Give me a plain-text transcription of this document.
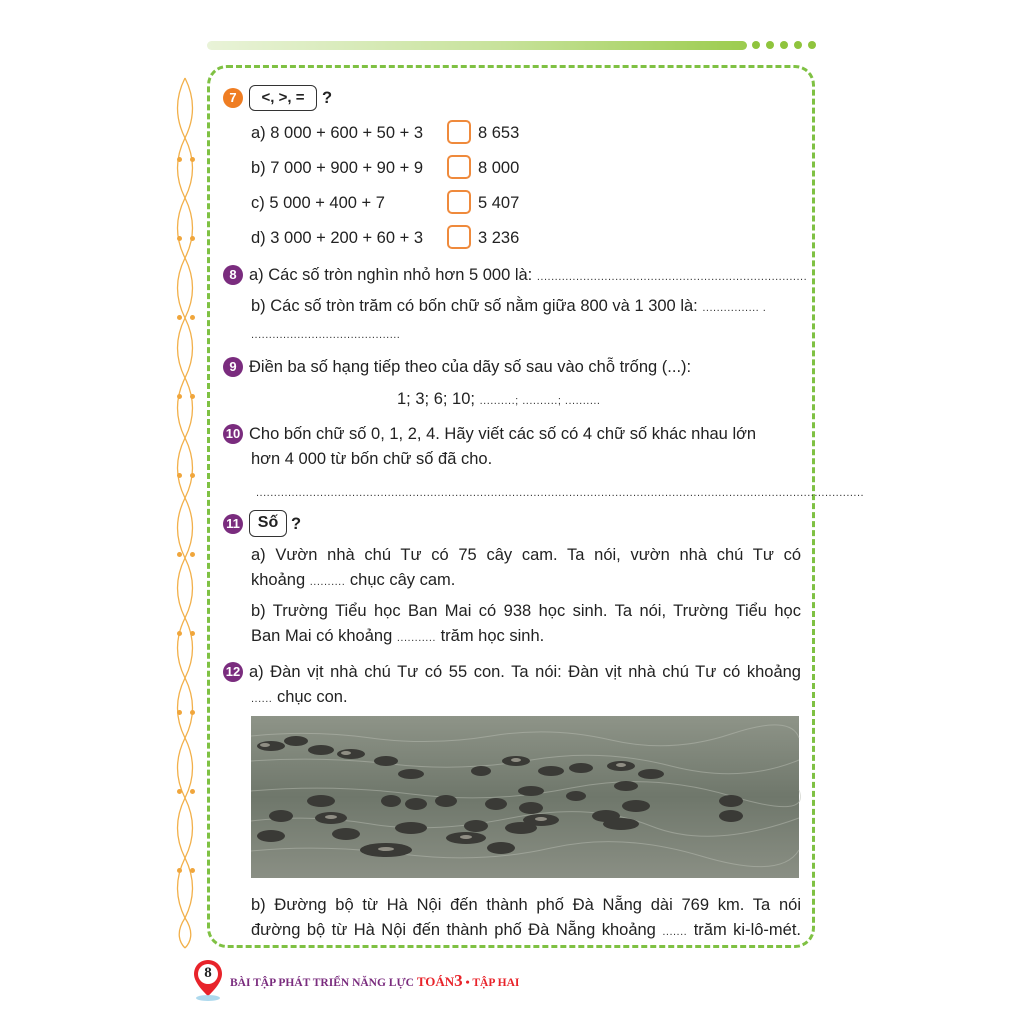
7	<, >, =	?
a) 8 000 + 600 + 50 + 3	8 653
b) 7 000 + 900 + 90 + 9	8 000
c) 5 000 + 400 + 7	5 407
d) 3 000 + 200 + 60 + 3	3 236
8 a) Các số tròn nghìn nhỏ hơn 5 000 là: ............................................................................
b) Các số tròn trăm có bốn chữ số nằm giữa 800 và 1 300 là: ................ .
..........................................
9 Điền ba số hạng tiếp theo của dãy số sau vào chỗ trống (...):
1; 3; 6; 10; ..........; ..........; ..........
10 Cho bốn chữ số 0, 1, 2, 4. Hãy viết các số có 4 chữ số khác nhau lớn
hơn 4 000 từ bốn chữ số đã cho.
...........................................................................................................................................................................
11	Số ?
a) Vườn nhà chú Tư có 75 cây cam. Ta nói, vườn nhà chú Tư có
khoảng .......... chục cây cam.
b) Trường Tiểu học Ban Mai có 938 học sinh. Ta nói, Trường Tiểu học
Ban Mai có khoảng ........... trăm học sinh.
12 a) Đàn vịt nhà chú Tư có 55 con. Ta nói: Đàn vịt nhà chú Tư có khoảng
...... chục con.
b) Đường bộ từ Hà Nội đến thành phố Đà Nẵng dài 769 km. Ta nói
đường bộ từ Hà Nội đến thành phố Đà Nẵng khoảng ....... trăm ki-lô-mét.
8
BÀI TẬP PHÁT TRIỂN NĂNG LỰC TOÁN3 • TẬP HAI
